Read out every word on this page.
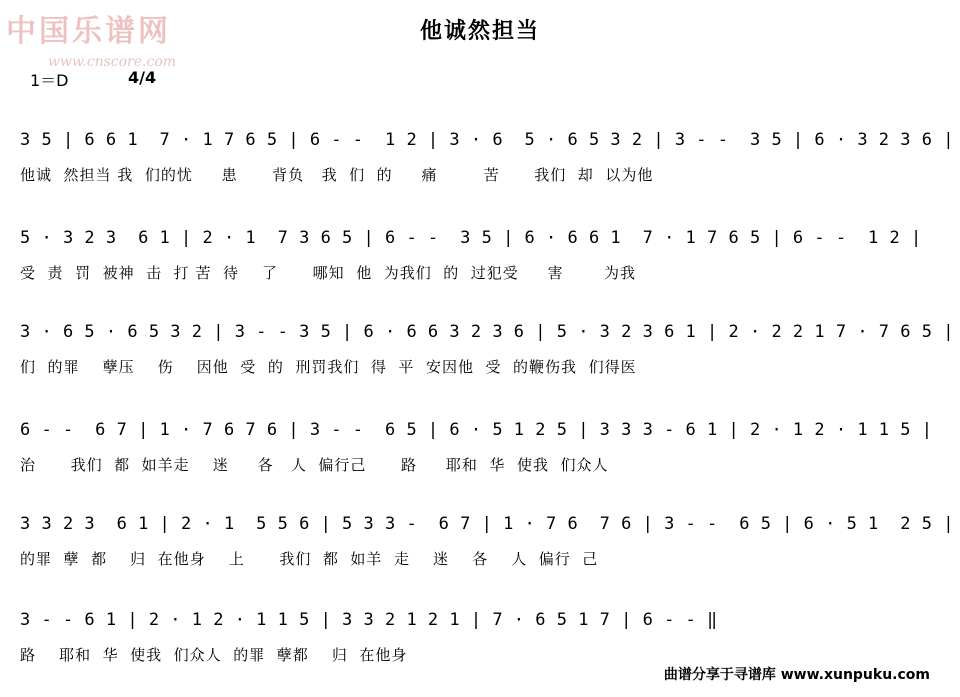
中国乐谱网
www.cnscore.com
他诚然担当
1＝D	4/4
3 5 | 6 6 1  7 · 1 7 6 5 | 6 - -  1 2 | 3 · 6  5 · 6 5 3 2 | 3 - -  3 5 | 6 · 3 2 3 6 |
他诚  然担当 我  们的忧     患      背负   我  们  的     痛        苦      我们  却  以为他
5 · 3 2 3  6 1 | 2 · 1  7 3 6 5 | 6 - -  3 5 | 6 · 6 6 1  7 · 1 7 6 5 | 6 - -  1 2 |
受  责  罚  被神  击  打 苦  待    了      哪知  他  为我们  的  过犯受     害       为我
3 · 6 5 · 6 5 3 2 | 3 - - 3 5 | 6 · 6 6 3 2 3 6 | 5 · 3 2 3 6 1 | 2 · 2 2 1 7 · 7 6 5 |
们  的罪    孽压    伤    因他  受  的  刑罚我们  得  平  安因他  受  的鞭伤我  们得医
6 - -  6 7 | 1 · 7 6 7 6 | 3 - -  6 5 | 6 · 5 1 2 5 | 3 3 3 - 6 1 | 2 · 1 2 · 1 1 5 |
治      我们  都  如羊走    迷     各   人  偏行己      路     耶和  华  使我  们众人
3 3 2 3  6 1 | 2 · 1  5 5 6 | 5 3 3 -  6 7 | 1 · 7 6  7 6 | 3 - -  6 5 | 6 · 5 1  2 5 |
的罪  孽  都    归  在他身    上      我们  都  如羊  走    迷    各    人  偏行  己
3 - - 6 1 | 2 · 1 2 · 1 1 5 | 3 3 2 1 2 1 | 7 · 6 5 1 7 | 6 - - ‖
路    耶和  华  使我  们众人  的罪  孽都    归  在他身
曲谱分享于寻谱库 www.xunpuku.com
